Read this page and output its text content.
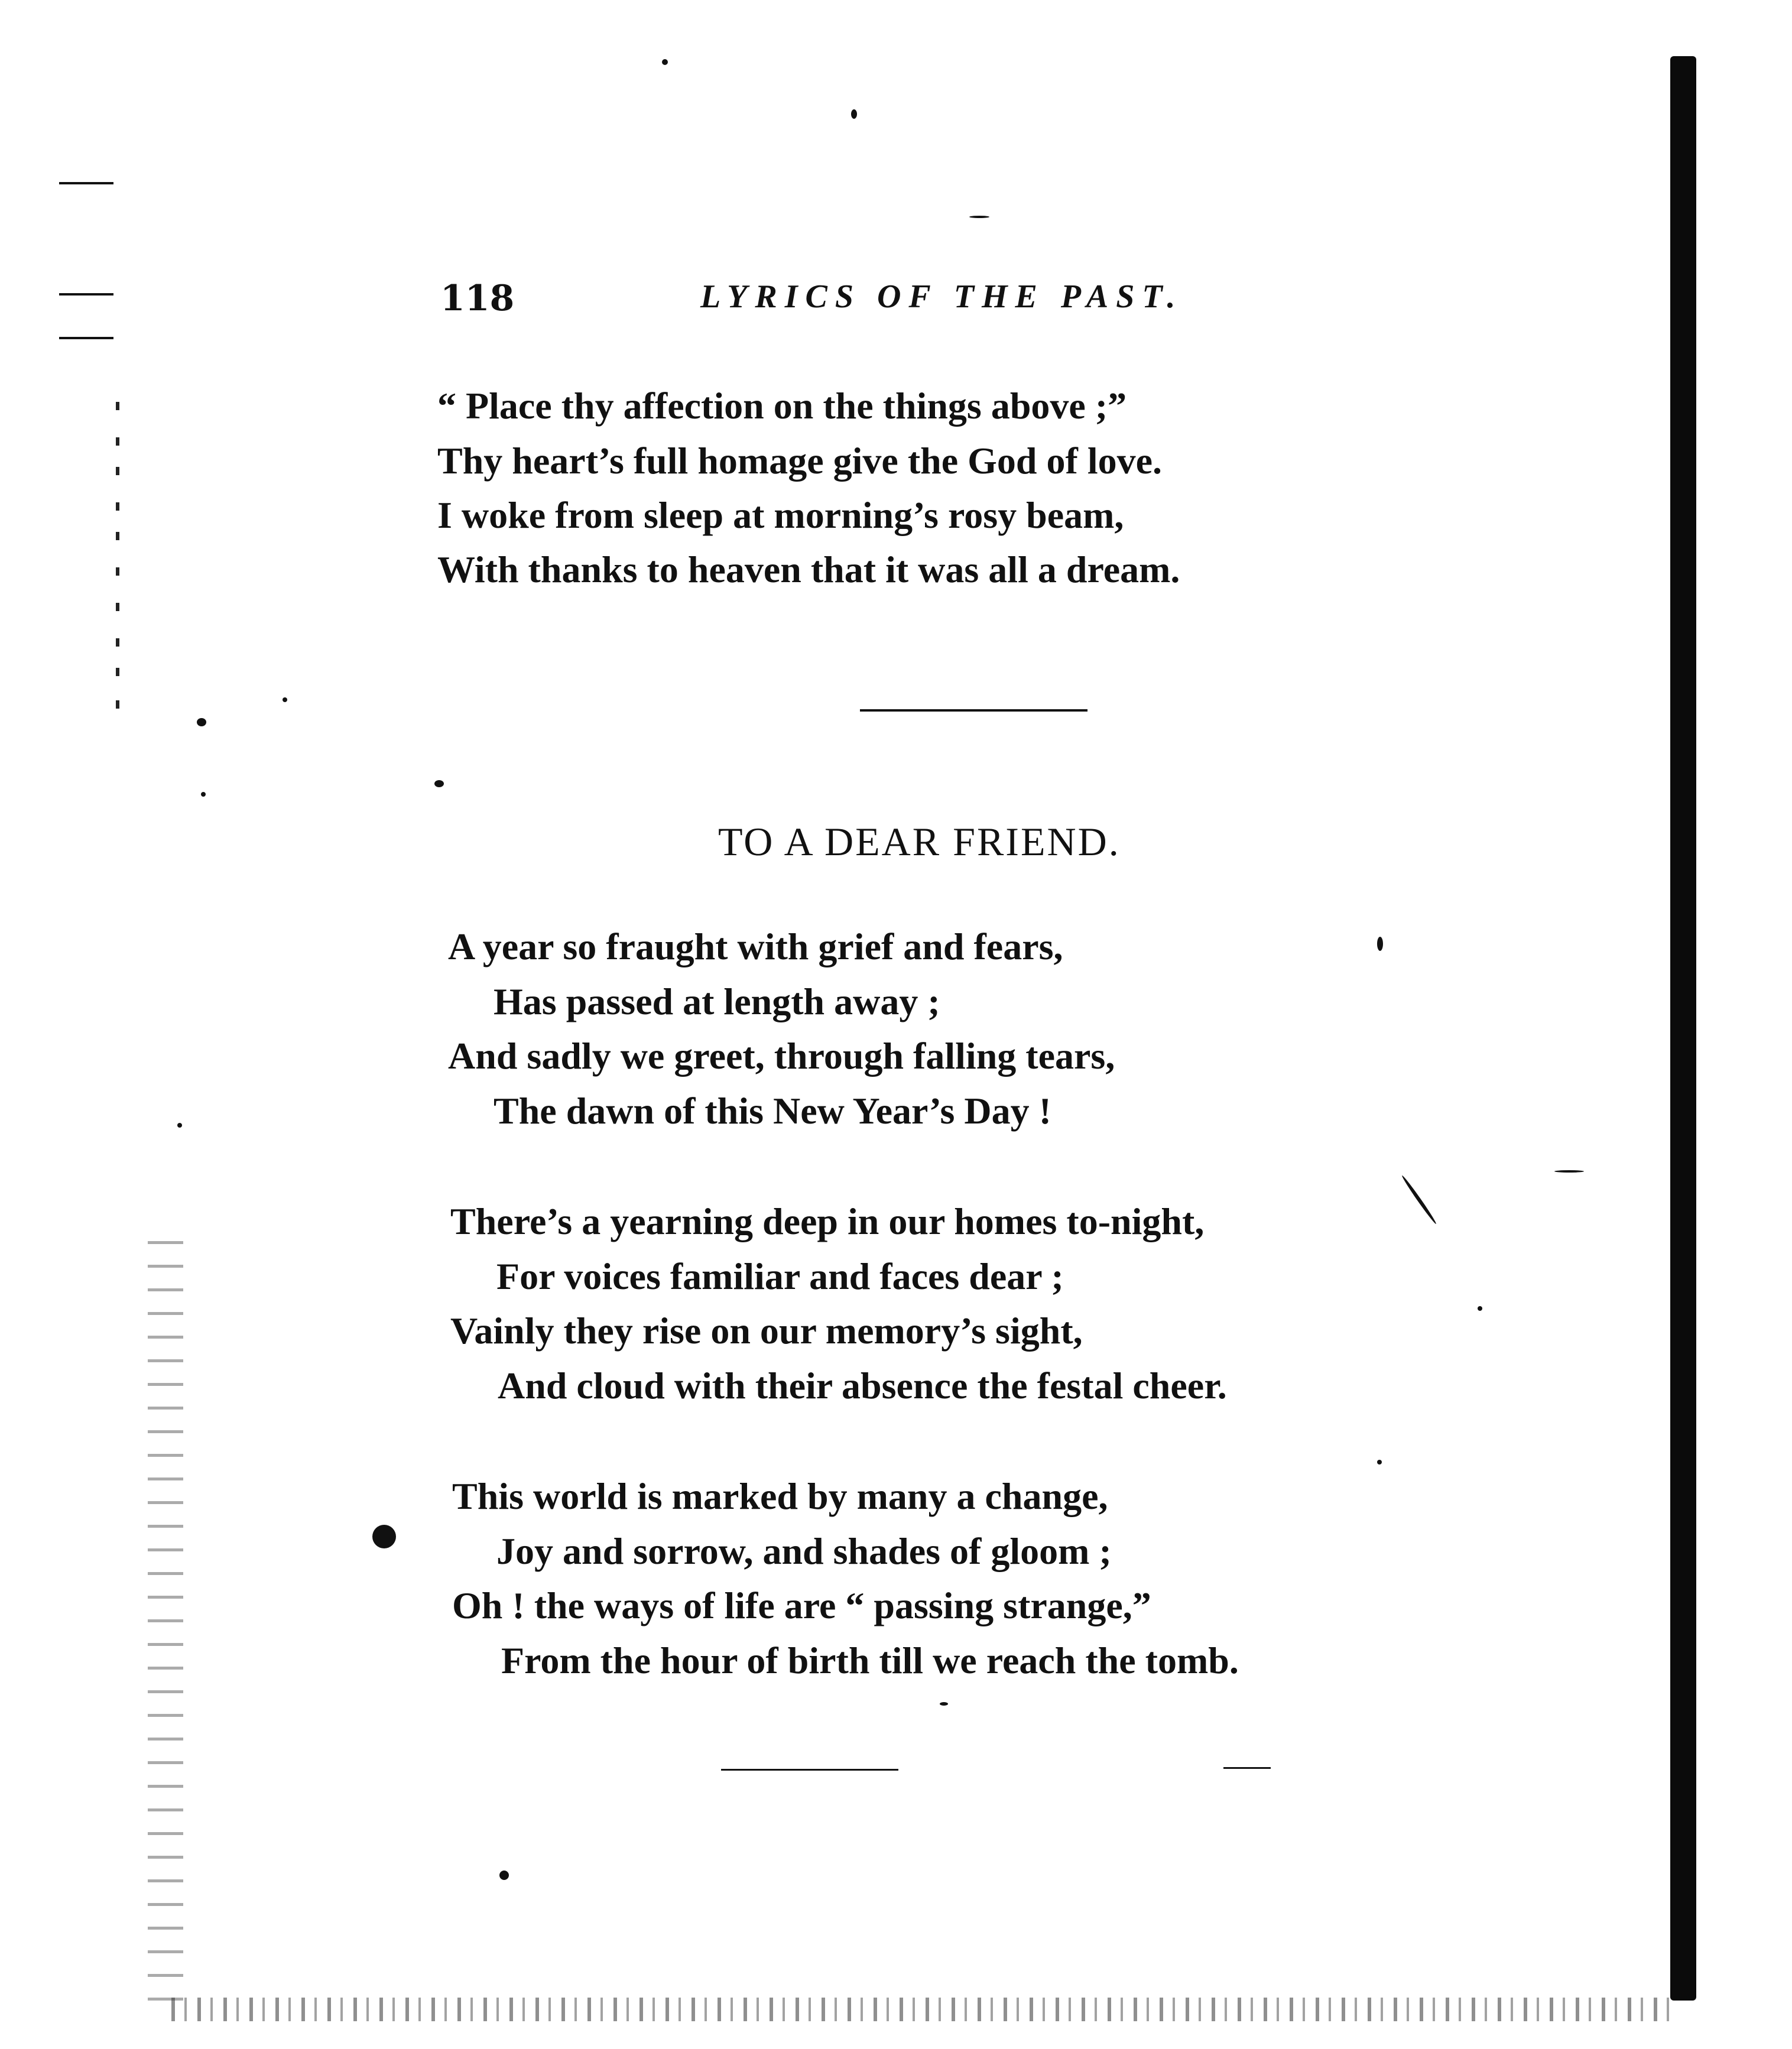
118	LYRICS OF THE PAST.
“ Place thy affection on the things above ;”
Thy heart’s full homage give the God of love.
I woke from sleep at morning’s rosy beam,
With thanks to heaven that it was all a dream.
TO A DEAR FRIEND.
A year so fraught with grief and fears,
Has passed at length away ;
And sadly we greet, through falling tears,
The dawn of this New Year’s Day !
There’s a yearning deep in our homes to-night,
For voices familiar and faces dear ;
Vainly they rise on our memory’s sight,
And cloud with their absence the festal cheer.
This world is marked by many a change,
Joy and sorrow, and shades of gloom ;
Oh ! the ways of life are “ passing strange,”
From the hour of birth till we reach the tomb.
